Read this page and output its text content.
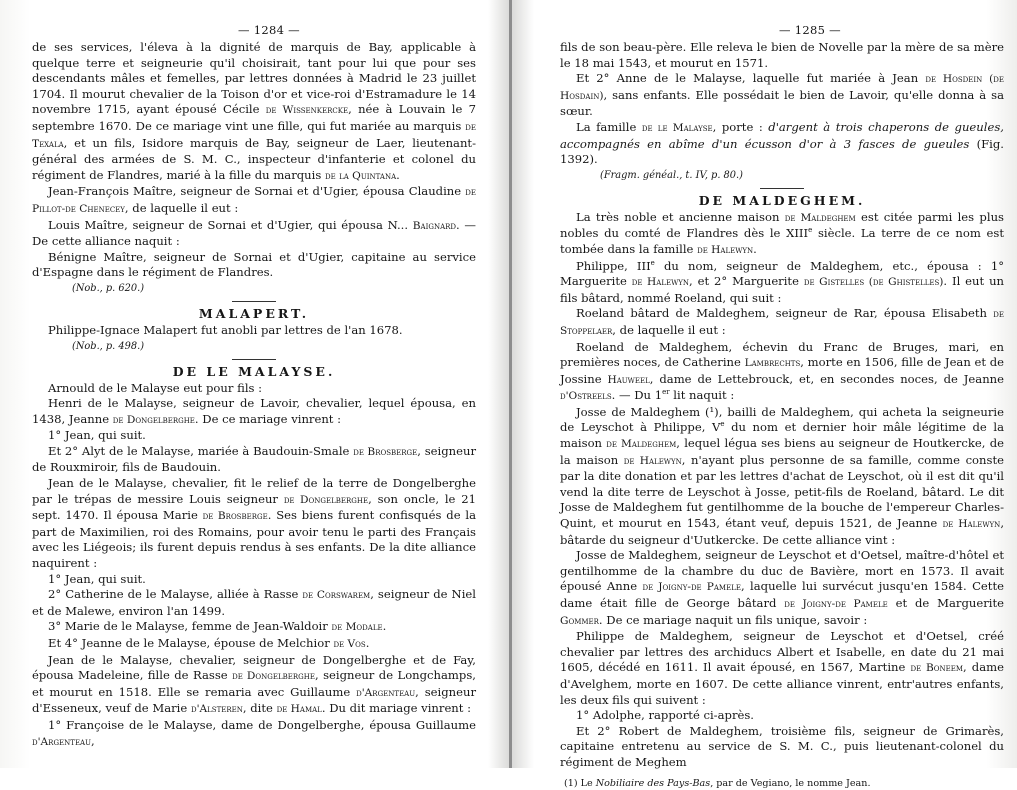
— 1284 —

de ses services, l'éleva à la dignité de marquis de Bay, applicable à quelque terre et seigneurie qu'il choisirait, tant pour lui que pour ses descendants mâles et femelles, par lettres données à Madrid le 23 juillet 1704. Il mourut chevalier de la Toison d'or et vice-roi d'Estramadure le 14 novembre 1715, ayant épousé Cécile de Wissenkercke, née à Louvain le 7 septembre 1670. De ce mariage vint une fille, qui fut mariée au marquis de Texala, et un fils, Isidore marquis de Bay, seigneur de Laer, lieutenant-général des armées de S. M. C., inspecteur d'infanterie et colonel du régiment de Flandres, marié à la fille du marquis de la Quintana.

Jean-François Maître, seigneur de Sornai et d'Ugier, épousa Claudine de Pillot-de Chenecey, de laquelle il eut :

Louis Maître, seigneur de Sornai et d'Ugier, qui épousa N... Baignard. — De cette alliance naquit :

Bénigne Maître, seigneur de Sornai et d'Ugier, capitaine au service d'Espagne dans le régiment de Flandres.

(Nob., p. 620.)
MALAPERT.

Philippe-Ignace Malapert fut anobli par lettres de l'an 1678.

(Nob., p. 498.)
DE LE MALAYSE.

Arnould de le Malayse eut pour fils :

Henri de le Malayse, seigneur de Lavoir, chevalier, lequel épousa, en 1438, Jeanne de Dongelberghe. De ce mariage vinrent :

1° Jean, qui suit.

Et 2° Alyt de le Malayse, mariée à Baudouin-Smale de Brosberge, seigneur de Rouxmiroir, fils de Baudouin.

Jean de le Malayse, chevalier, fit le relief de la terre de Dongelberghe par le trépas de messire Louis seigneur de Dongelberghe, son oncle, le 21 sept. 1470. Il épousa Marie de Brosberge. Ses biens furent confisqués de la part de Maximilien, roi des Romains, pour avoir tenu le parti des Français avec les Liégeois; ils furent depuis rendus à ses enfants. De la dite alliance naquirent :

1° Jean, qui suit.

2° Catherine de le Malayse, alliée à Rasse de Corswarem, seigneur de Niel et de Malewe, environ l'an 1499.

3° Marie de le Malayse, femme de Jean-Waldoir de Modale.

Et 4° Jeanne de le Malayse, épouse de Melchior de Vos.

Jean de le Malayse, chevalier, seigneur de Dongelberghe et de Fay, épousa Madeleine, fille de Rasse de Dongelberghe, seigneur de Longchamps, et mourut en 1518. Elle se remaria avec Guillaume d'Argenteau, seigneur d'Esseneux, veuf de Marie d'Alsteren, dite de Hamal. Du dit mariage vinrent :

1° Françoise de le Malayse, dame de Dongelberghe, épousa Guillaume d'Argenteau,

— 1285 —

fils de son beau-père. Elle releva le bien de Novelle par la mère de sa mère le 18 mai 1543, et mourut en 1571.

Et 2° Anne de le Malayse, laquelle fut mariée à Jean de Hosdein (de Hosdain), sans enfants. Elle possédait le bien de Lavoir, qu'elle donna à sa sœur.

La famille de le Malayse, porte : d'argent à trois chaperons de gueules, accompagnés en abîme d'un écusson d'or à 3 fasces de gueules (Fig. 1392).

(Fragm. généal., t. IV, p. 80.)
DE MALDEGHEM.

La très noble et ancienne maison de Maldeghem est citée parmi les plus nobles du comté de Flandres dès le XIIIe siècle. La terre de ce nom est tombée dans la famille de Halewyn.

Philippe, IIIe du nom, seigneur de Maldeghem, etc., épousa : 1° Marguerite de Halewyn, et 2° Marguerite de Gistelles (de Ghistelles). Il eut un fils bâtard, nommé Roeland, qui suit :

Roeland bâtard de Maldeghem, seigneur de Rar, épousa Elisabeth de Stoppelaer, de laquelle il eut :

Roeland de Maldeghem, échevin du Franc de Bruges, mari, en premières noces, de Catherine Lambrechts, morte en 1506, fille de Jean et de Jossine Hauweel, dame de Lettebrouck, et, en secondes noces, de Jeanne d'Ostreels. — Du 1er lit naquit :

Josse de Maldeghem (¹), bailli de Maldeghem, qui acheta la seigneurie de Leyschot à Philippe, Ve du nom et dernier hoir mâle légitime de la maison de Maldeghem, lequel légua ses biens au seigneur de Houtkercke, de la maison de Halewyn, n'ayant plus personne de sa famille, comme conste par la dite donation et par les lettres d'achat de Leyschot, où il est dit qu'il vend la dite terre de Leyschot à Josse, petit-fils de Roeland, bâtard. Le dit Josse de Maldeghem fut gentilhomme de la bouche de l'empereur Charles-Quint, et mourut en 1543, étant veuf, depuis 1521, de Jeanne de Halewyn, bâtarde du seigneur d'Uutkercke. De cette alliance vint :

Josse de Maldeghem, seigneur de Leyschot et d'Oetsel, maître-d'hôtel et gentilhomme de la chambre du duc de Bavière, mort en 1573. Il avait épousé Anne de Joigny-de Pamele, laquelle lui survécut jusqu'en 1584. Cette dame était fille de George bâtard de Joigny-de Pamele et de Marguerite Gommer. De ce mariage naquit un fils unique, savoir :

Philippe de Maldeghem, seigneur de Leyschot et d'Oetsel, créé chevalier par lettres des archiducs Albert et Isabelle, en date du 21 mai 1605, décédé en 1611. Il avait épousé, en 1567, Martine de Boneem, dame d'Avelghem, morte en 1607. De cette alliance vinrent, entr'autres enfants, les deux fils qui suivent :

1° Adolphe, rapporté ci-après.

Et 2° Robert de Maldeghem, troisième fils, seigneur de Grimarès, capitaine entretenu au service de S. M. C., puis lieutenant-colonel du régiment de Meghem

(1) Le Nobiliaire des Pays-Bas, par de Vegiano, le nomme Jean.
